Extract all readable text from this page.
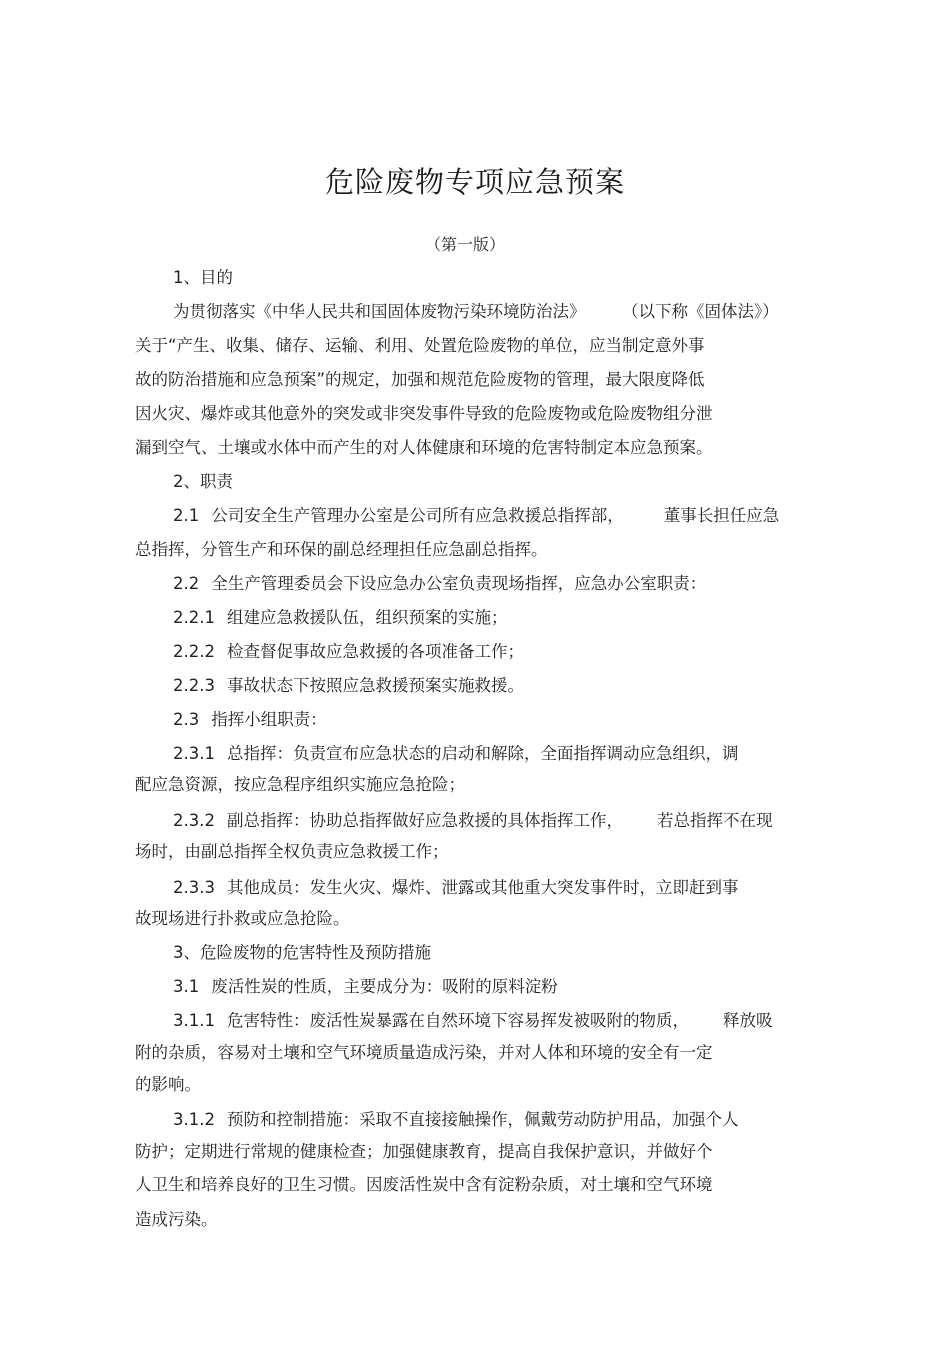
危险废物专项应急预案
（第一版）
1、目的
为贯彻落实《中华人民共和国固体废物污染环境防治法》 （以下称《固体法》）
关于“产生、收集、储存、运输、利用、处置危险废物的单位，应当制定意外事
故的防治措施和应急预案”的规定，加强和规范危险废物的管理，最大限度降低
因火灾、爆炸或其他意外的突发或非突发事件导致的危险废物或危险废物组分泄
漏到空气、土壤或水体中而产生的对人体健康和环境的危害特制定本应急预案。
2、职责
2.1 公司安全生产管理办公室是公司所有应急救援总指挥部， 董事长担任应急
总指挥，分管生产和环保的副总经理担任应急副总指挥。
2.2 全生产管理委员会下设应急办公室负责现场指挥，应急办公室职责：
2.2.1 组建应急救援队伍，组织预案的实施；
2.2.2 检查督促事故应急救援的各项准备工作；
2.2.3 事故状态下按照应急救援预案实施救援。
2.3 指挥小组职责：
2.3.1 总指挥：负责宣布应急状态的启动和解除，全面指挥调动应急组织，调
配应急资源，按应急程序组织实施应急抢险；
2.3.2 副总指挥：协助总指挥做好应急救援的具体指挥工作， 若总指挥不在现
场时，由副总指挥全权负责应急救援工作；
2.3.3 其他成员：发生火灾、爆炸、泄露或其他重大突发事件时，立即赶到事
故现场进行扑救或应急抢险。
3、危险废物的危害特性及预防措施
3.1 废活性炭的性质，主要成分为：吸附的原料淀粉
3.1.1 危害特性：废活性炭暴露在自然环境下容易挥发被吸附的物质， 释放吸
附的杂质，容易对土壤和空气环境质量造成污染，并对人体和环境的安全有一定
的影响。
3.1.2 预防和控制措施：采取不直接接触操作，佩戴劳动防护用品，加强个人
防护；定期进行常规的健康检查；加强健康教育，提高自我保护意识，并做好个
人卫生和培养良好的卫生习惯。因废活性炭中含有淀粉杂质，对土壤和空气环境
造成污染。
